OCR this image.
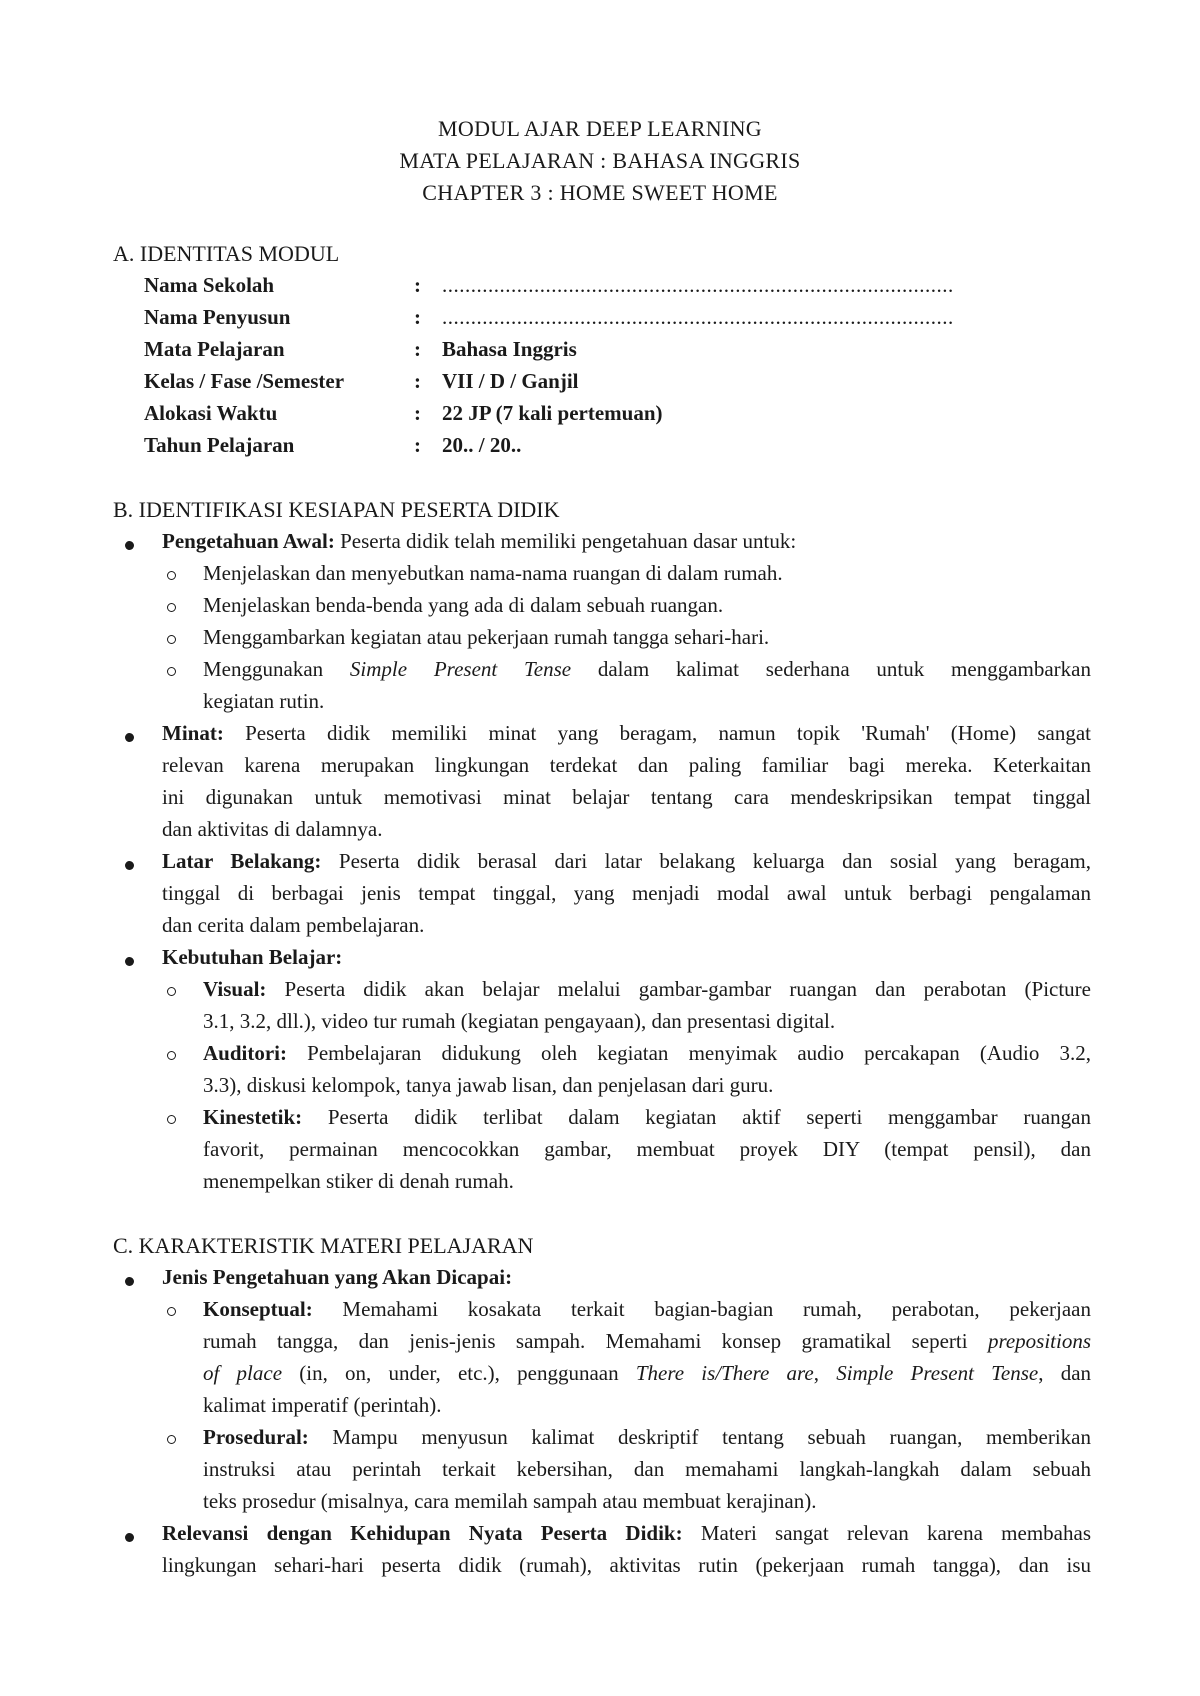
MODUL AJAR DEEP LEARNING
MATA PELAJARAN : BAHASA INGGRIS
CHAPTER 3 : HOME SWEET HOME
A. IDENTITAS MODUL
Nama Sekolah	: .........................................................................................
Nama Penyusun	: .........................................................................................
Mata Pelajaran	: Bahasa Inggris
Kelas / Fase /Semester	: VII / D / Ganjil
Alokasi Waktu	: 22 JP (7 kali pertemuan)
Tahun Pelajaran	: 20.. / 20..
B. IDENTIFIKASI KESIAPAN PESERTA DIDIK
Pengetahuan Awal: Peserta didik telah memiliki pengetahuan dasar untuk:
Menjelaskan dan menyebutkan nama-nama ruangan di dalam rumah.
Menjelaskan benda-benda yang ada di dalam sebuah ruangan.
Menggambarkan kegiatan atau pekerjaan rumah tangga sehari-hari.
Menggunakan Simple Present Tense dalam kalimat sederhana untuk menggambarkan
kegiatan rutin.
Minat: Peserta didik memiliki minat yang beragam, namun topik 'Rumah' (Home) sangat
relevan karena merupakan lingkungan terdekat dan paling familiar bagi mereka. Keterkaitan
ini digunakan untuk memotivasi minat belajar tentang cara mendeskripsikan tempat tinggal
dan aktivitas di dalamnya.
Latar Belakang: Peserta didik berasal dari latar belakang keluarga dan sosial yang beragam,
tinggal di berbagai jenis tempat tinggal, yang menjadi modal awal untuk berbagi pengalaman
dan cerita dalam pembelajaran.
Kebutuhan Belajar:
Visual: Peserta didik akan belajar melalui gambar-gambar ruangan dan perabotan (Picture
3.1, 3.2, dll.), video tur rumah (kegiatan pengayaan), dan presentasi digital.
Auditori: Pembelajaran didukung oleh kegiatan menyimak audio percakapan (Audio 3.2,
3.3), diskusi kelompok, tanya jawab lisan, dan penjelasan dari guru.
Kinestetik: Peserta didik terlibat dalam kegiatan aktif seperti menggambar ruangan
favorit, permainan mencocokkan gambar, membuat proyek DIY (tempat pensil), dan
menempelkan stiker di denah rumah.
C. KARAKTERISTIK MATERI PELAJARAN
Jenis Pengetahuan yang Akan Dicapai:
Konseptual: Memahami kosakata terkait bagian-bagian rumah, perabotan, pekerjaan
rumah tangga, dan jenis-jenis sampah. Memahami konsep gramatikal seperti prepositions
of place (in, on, under, etc.), penggunaan There is/There are, Simple Present Tense, dan
kalimat imperatif (perintah).
Prosedural: Mampu menyusun kalimat deskriptif tentang sebuah ruangan, memberikan
instruksi atau perintah terkait kebersihan, dan memahami langkah-langkah dalam sebuah
teks prosedur (misalnya, cara memilah sampah atau membuat kerajinan).
Relevansi dengan Kehidupan Nyata Peserta Didik: Materi sangat relevan karena membahas
lingkungan sehari-hari peserta didik (rumah), aktivitas rutin (pekerjaan rumah tangga), dan isu
